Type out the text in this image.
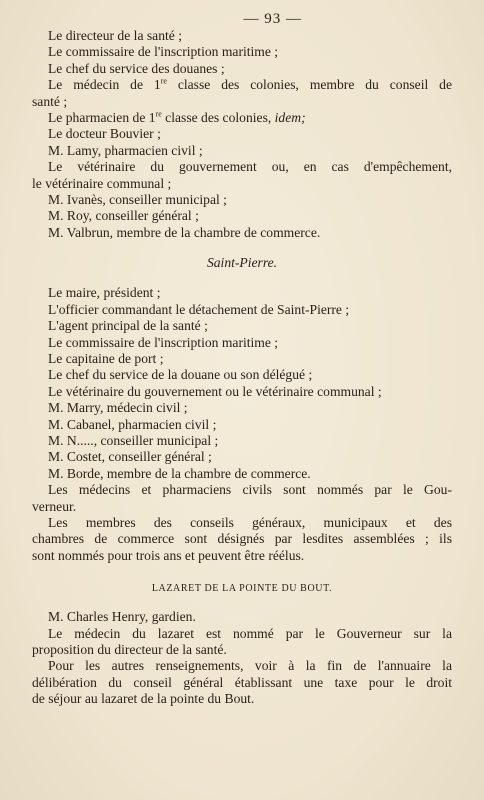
— 93 —
Le directeur de la santé ;
Le commissaire de l'inscription maritime ;
Le chef du service des douanes ;
Le médecin de 1re classe des colonies, membre du conseil de
santé ;
Le pharmacien de 1re classe des colonies, idem;
Le docteur Bouvier ;
M. Lamy, pharmacien civil ;
Le vétérinaire du gouvernement ou, en cas d'empêchement,
le vétérinaire communal ;
M. Ivanès, conseiller municipal ;
M. Roy, conseiller général ;
M. Valbrun, membre de la chambre de commerce.
Saint-Pierre.
Le maire, président ;
L'officier commandant le détachement de Saint-Pierre ;
L'agent principal de la santé ;
Le commissaire de l'inscription maritime ;
Le capitaine de port ;
Le chef du service de la douane ou son délégué ;
Le vétérinaire du gouvernement ou le vétérinaire communal ;
M. Marry, médecin civil ;
M. Cabanel, pharmacien civil ;
M. N....., conseiller municipal ;
M. Costet, conseiller général ;
M. Borde, membre de la chambre de commerce.
Les médecins et pharmaciens civils sont nommés par le Gou-
verneur.
Les membres des conseils généraux, municipaux et des
chambres de commerce sont désignés par lesdites assemblées ; ils
sont nommés pour trois ans et peuvent être réélus.
LAZARET DE LA POINTE DU BOUT.
M. Charles Henry, gardien.
Le médecin du lazaret est nommé par le Gouverneur sur la
proposition du directeur de la santé.
Pour les autres renseignements, voir à la fin de l'annuaire la
délibération du conseil général établissant une taxe pour le droit
de séjour au lazaret de la pointe du Bout.
